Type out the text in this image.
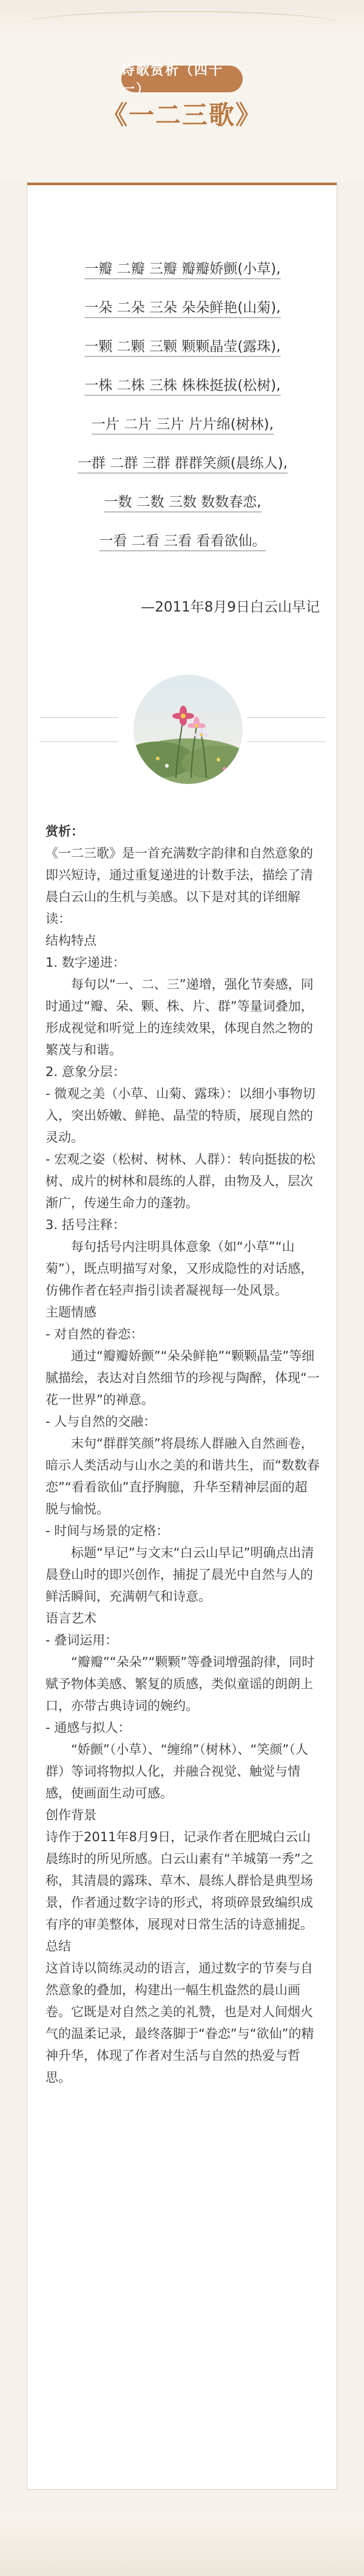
诗歌赏析（四十一）
《一二三歌》
一瓣 二瓣 三瓣 瓣瓣娇颤(小草),
一朵 二朵 三朵 朵朵鲜艳(山菊),
一颗 二颗 三颗 颗颗晶莹(露珠),
一株 二株 三株 株株挺拔(松树),
一片 二片 三片 片片绵(树林),
一群 二群 三群 群群笑颜(晨练人),
一数 二数 三数 数数春恋,
一看 二看 三看 看看欲仙。
—2011年8月9日白云山早记

赏析：

《一二三歌》是一首充满数字韵律和自然意象的即兴短诗，通过重复递进的计数手法，描绘了清晨白云山的生机与美感。以下是对其的详细解读：

结构特点

1. 数字递进：

每句以“一、二、三”递增，强化节奏感，同时通过“瓣、朵、颗、株、片、群”等量词叠加，形成视觉和听觉上的连续效果，体现自然之物的繁茂与和谐。

2. 意象分层：

- 微观之美（小草、山菊、露珠）：以细小事物切入，突出娇嫩、鲜艳、晶莹的特质，展现自然的灵动。

- 宏观之姿（松树、树林、人群）：转向挺拔的松树、成片的树林和晨练的人群，由物及人，层次渐广，传递生命力的蓬勃。

3. 括号注释：

每句括号内注明具体意象（如“小草”“山菊”），既点明描写对象，又形成隐性的对话感，仿佛作者在轻声指引读者凝视每一处风景。

主题情感

- 对自然的眷恋：

通过“瓣瓣娇颤”“朵朵鲜艳”“颗颗晶莹”等细腻描绘，表达对自然细节的珍视与陶醉，体现“一花一世界”的禅意。

- 人与自然的交融：

末句“群群笑颜”将晨练人群融入自然画卷，暗示人类活动与山水之美的和谐共生，而“数数春恋”“看看欲仙”直抒胸臆，升华至精神层面的超脱与愉悦。

- 时间与场景的定格：

标题“早记”与文末“白云山早记”明确点出清晨登山时的即兴创作，捕捉了晨光中自然与人的鲜活瞬间，充满朝气和诗意。

语言艺术

- 叠词运用：

“瓣瓣”“朵朵”“颗颗”等叠词增强韵律，同时赋予物体美感、繁复的质感，类似童谣的朗朗上口，亦带古典诗词的婉约。

- 通感与拟人：

“娇颤”（小草）、“缠绵”（树林）、“笑颜”（人群）等词将物拟人化，并融合视觉、触觉与情感，使画面生动可感。

创作背景

诗作于2011年8月9日，记录作者在肥城白云山晨练时的所见所感。白云山素有“羊城第一秀”之称，其清晨的露珠、草木、晨练人群恰是典型场景，作者通过数字诗的形式，将琐碎景致编织成有序的审美整体，展现对日常生活的诗意捕捉。

总结

这首诗以简练灵动的语言，通过数字的节奏与自然意象的叠加，构建出一幅生机盎然的晨山画卷。它既是对自然之美的礼赞，也是对人间烟火气的温柔记录，最终落脚于“眷恋”与“欲仙”的精神升华，体现了作者对生活与自然的热爱与哲思。
